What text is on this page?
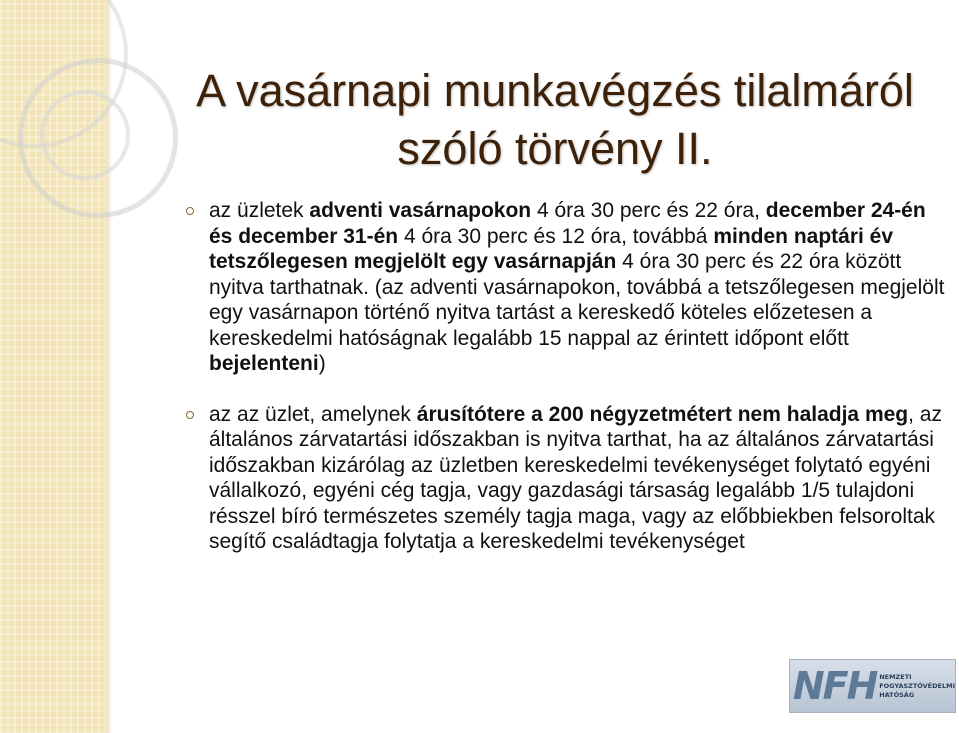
A vasárnapi munkavégzés tilalmáról
szóló törvény II.
az üzletek adventi vasárnapokon 4 óra 30 perc és 22 óra, december 24-én és december 31-én 4 óra 30 perc és 12 óra, továbbá minden naptári év tetszőlegesen megjelölt egy vasárnapján 4 óra 30 perc és 22 óra között nyitva tarthatnak. (az adventi vasárnapokon, továbbá a tetszőlegesen megjelölt egy vasárnapon történő nyitva tartást a kereskedő köteles előzetesen a kereskedelmi hatóságnak legalább 15 nappal az érintett időpont előtt bejelenteni)
az az üzlet, amelynek árusítótere a 200 négyzetmétert nem haladja meg, az általános zárvatartási időszakban is nyitva tarthat, ha az általános zárvatartási időszakban kizárólag az üzletben kereskedelmi tevékenységet folytató egyéni vállalkozó, egyéni cég tagja, vagy gazdasági társaság legalább 1/5 tulajdoni résszel bíró természetes személy tagja maga, vagy az előbbiekben felsoroltak segítő családtagja folytatja a kereskedelmi tevékenységet
NFH NEMZETI
FOGYASZTÓVÉDELMI
HATÓSÁG
